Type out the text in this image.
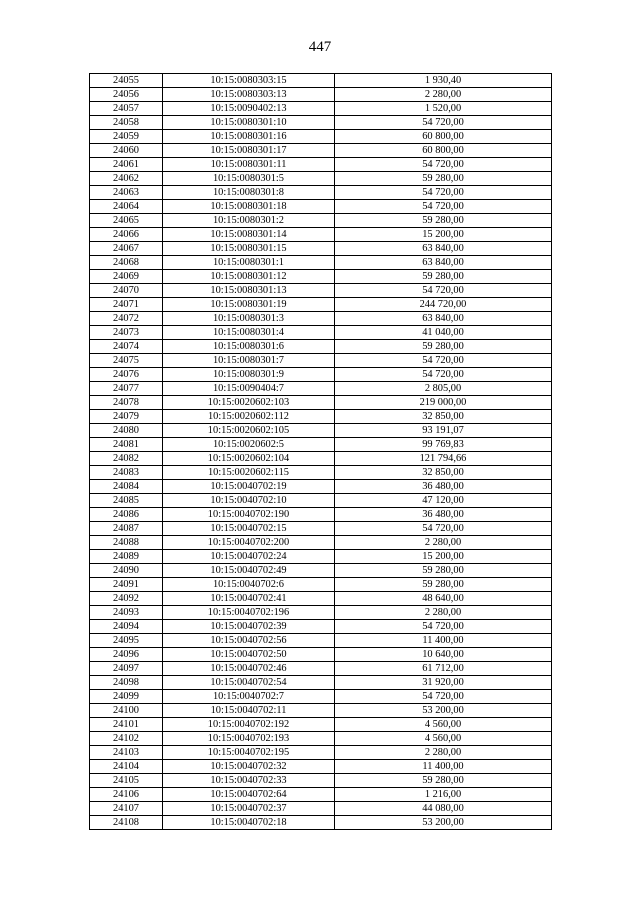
447
24055	10:15:0080303:15	1 930,40
24056	10:15:0080303:13	2 280,00
24057	10:15:0090402:13	1 520,00
24058	10:15:0080301:10	54 720,00
24059	10:15:0080301:16	60 800,00
24060	10:15:0080301:17	60 800,00
24061	10:15:0080301:11	54 720,00
24062	10:15:0080301:5	59 280,00
24063	10:15:0080301:8	54 720,00
24064	10:15:0080301:18	54 720,00
24065	10:15:0080301:2	59 280,00
24066	10:15:0080301:14	15 200,00
24067	10:15:0080301:15	63 840,00
24068	10:15:0080301:1	63 840,00
24069	10:15:0080301:12	59 280,00
24070	10:15:0080301:13	54 720,00
24071	10:15:0080301:19	244 720,00
24072	10:15:0080301:3	63 840,00
24073	10:15:0080301:4	41 040,00
24074	10:15:0080301:6	59 280,00
24075	10:15:0080301:7	54 720,00
24076	10:15:0080301:9	54 720,00
24077	10:15:0090404:7	2 805,00
24078	10:15:0020602:103	219 000,00
24079	10:15:0020602:112	32 850,00
24080	10:15:0020602:105	93 191,07
24081	10:15:0020602:5	99 769,83
24082	10:15:0020602:104	121 794,66
24083	10:15:0020602:115	32 850,00
24084	10:15:0040702:19	36 480,00
24085	10:15:0040702:10	47 120,00
24086	10:15:0040702:190	36 480,00
24087	10:15:0040702:15	54 720,00
24088	10:15:0040702:200	2 280,00
24089	10:15:0040702:24	15 200,00
24090	10:15:0040702:49	59 280,00
24091	10:15:0040702:6	59 280,00
24092	10:15:0040702:41	48 640,00
24093	10:15:0040702:196	2 280,00
24094	10:15:0040702:39	54 720,00
24095	10:15:0040702:56	11 400,00
24096	10:15:0040702:50	10 640,00
24097	10:15:0040702:46	61 712,00
24098	10:15:0040702:54	31 920,00
24099	10:15:0040702:7	54 720,00
24100	10:15:0040702:11	53 200,00
24101	10:15:0040702:192	4 560,00
24102	10:15:0040702:193	4 560,00
24103	10:15:0040702:195	2 280,00
24104	10:15:0040702:32	11 400,00
24105	10:15:0040702:33	59 280,00
24106	10:15:0040702:64	1 216,00
24107	10:15:0040702:37	44 080,00
24108	10:15:0040702:18	53 200,00
